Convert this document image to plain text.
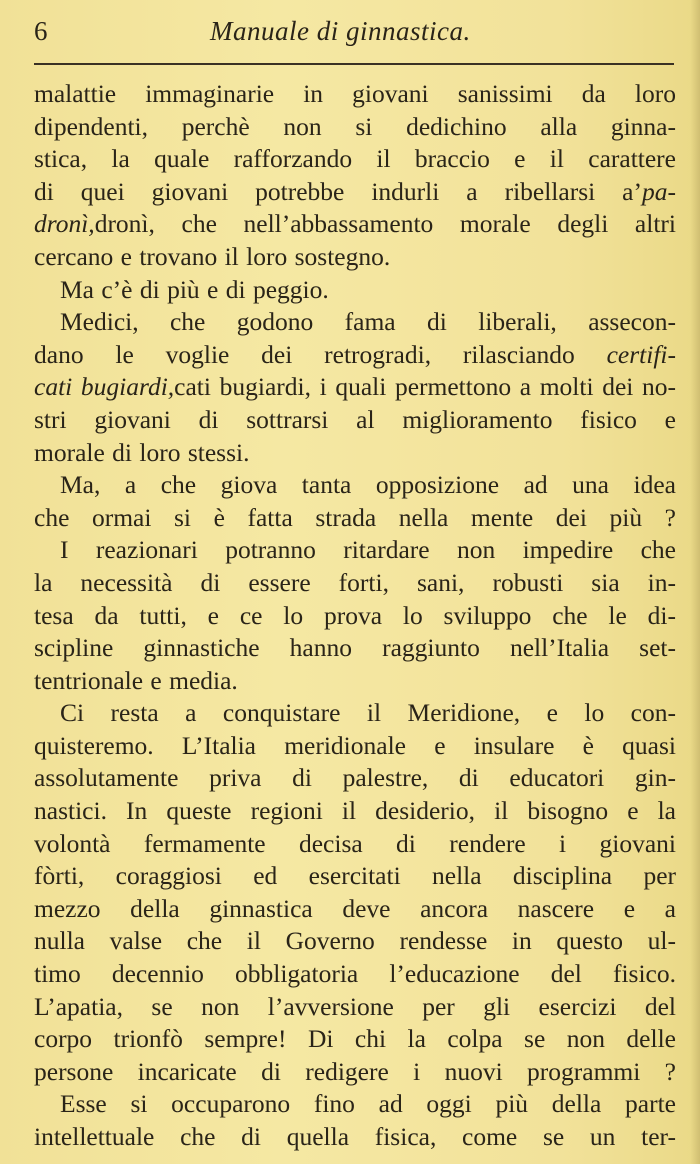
6	Manuale di ginnastica.
malattie immaginarie in giovani sanissimi da loro
dipendenti, perchè non si dedichino alla ginna-
stica, la quale rafforzando il braccio e il carattere
di quei giovani potrebbe indurli a ribellarsi a’pa-
dronì,dronì, che nell’abbassamento morale degli altri
cercano e trovano il loro sostegno.
Ma c’è di più e di peggio.
Medici, che godono fama di liberali, assecon-
dano le voglie dei retrogradi, rilasciando certifi-
cati bugiardi,cati bugiardi, i quali permettono a molti dei no-
stri giovani di sottrarsi al miglioramento fisico e
morale di loro stessi.
Ma, a che giova tanta opposizione ad una idea
che ormai si è fatta strada nella mente dei più ?
I reazionari potranno ritardare non impedire che
la necessità di essere forti, sani, robusti sia in-
tesa da tutti, e ce lo prova lo sviluppo che le di-
scipline ginnastiche hanno raggiunto nell’Italia set-
tentrionale e media.
Ci resta a conquistare il Meridione, e lo con-
quisteremo. L’Italia meridionale e insulare è quasi
assolutamente priva di palestre, di educatori gin-
nastici. In queste regioni il desiderio, il bisogno e la
volontà fermamente decisa di rendere i giovani
fòrti, coraggiosi ed esercitati nella disciplina per
mezzo della ginnastica deve ancora nascere e a
nulla valse che il Governo rendesse in questo ul-
timo decennio obbligatoria l’educazione del fisico.
L’apatia, se non l’avversione per gli esercizi del
corpo trionfò sempre! Di chi la colpa se non delle
persone incaricate di redigere i nuovi programmi ?
Esse si occuparono fino ad oggi più della parte
intellettuale che di quella fisica, come se un ter-
